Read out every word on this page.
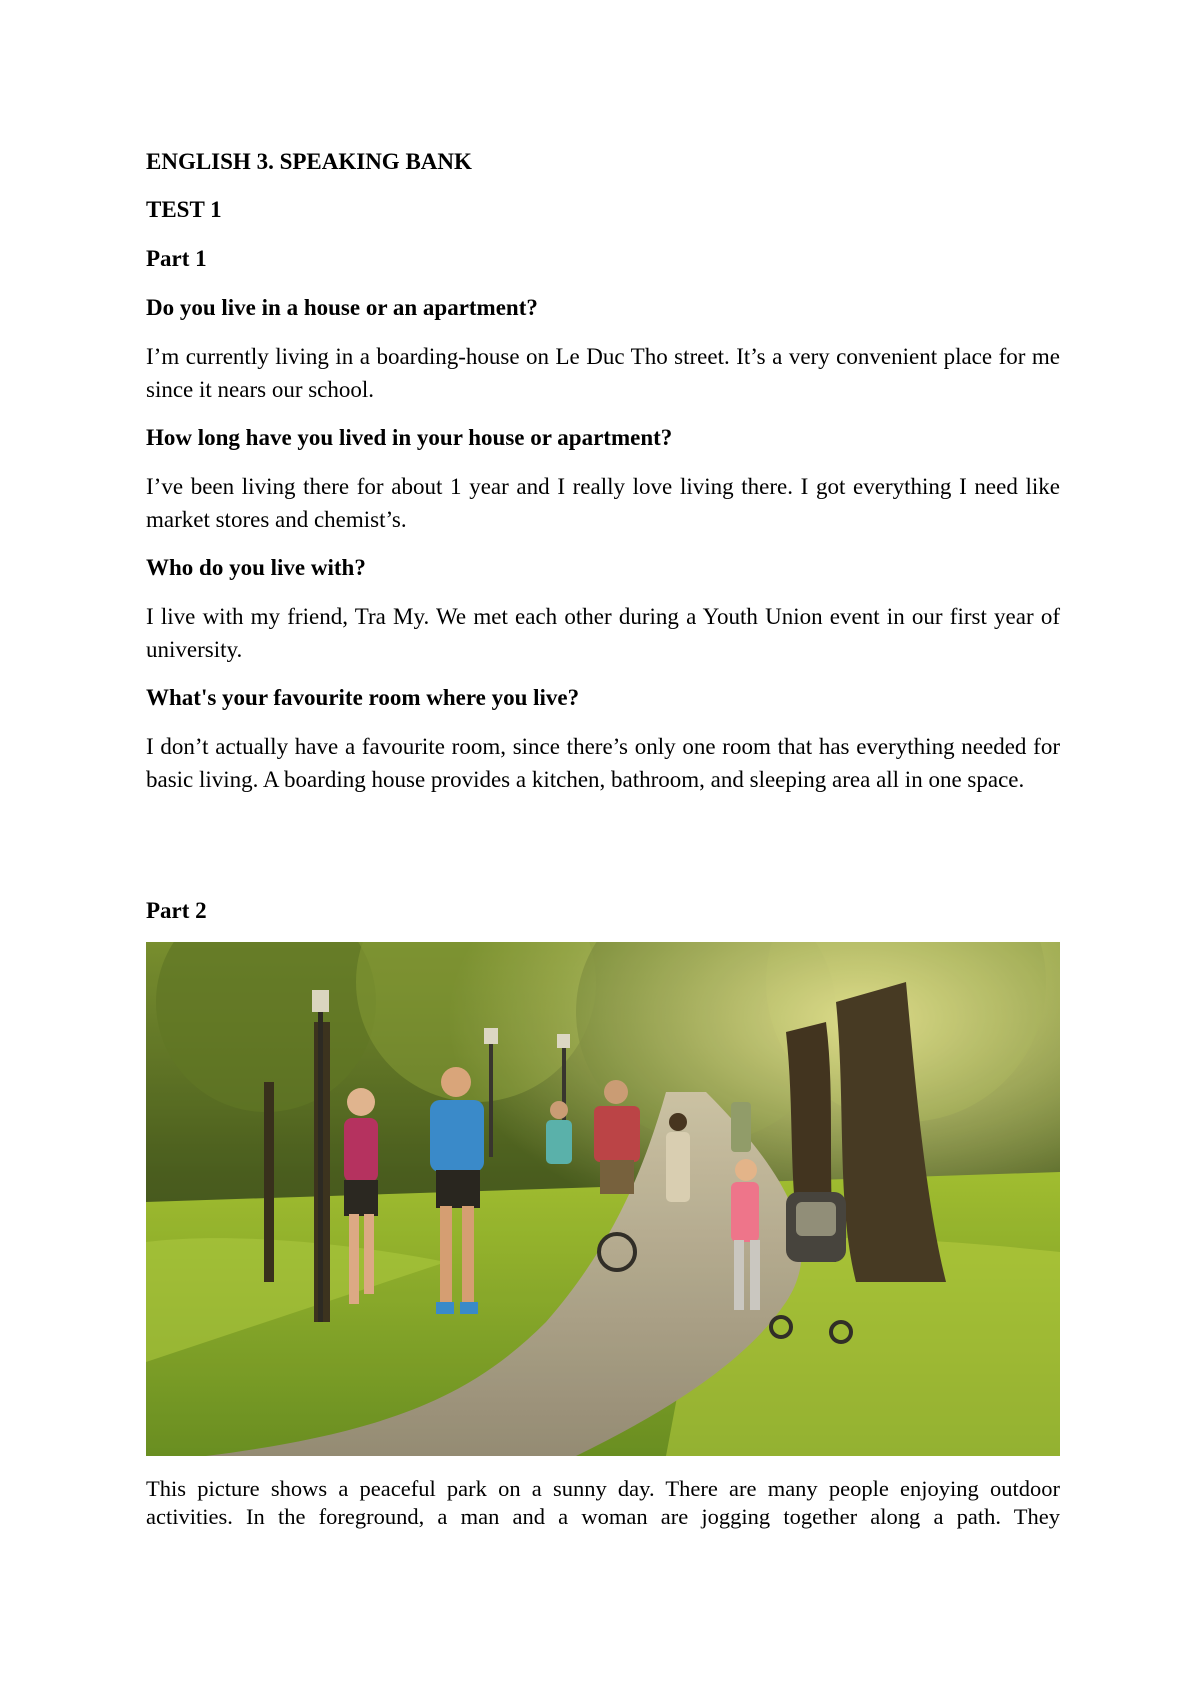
ENGLISH 3. SPEAKING BANK

TEST 1

Part 1

Do you live in a house or an apartment?

I’m currently living in a boarding-house on Le Duc Tho street. It’s a very convenient place for me since it nears our school.

How long have you lived in your house or apartment?

I’ve been living there for about 1 year and I really love living there. I got everything I need like market stores and chemist’s.

Who do you live with?

I live with my friend, Tra My. We met each other during a Youth Union event in our first year of university.

What's your favourite room where you live?

I don’t actually have a favourite room, since there’s only one room that has everything needed for basic living. A boarding house provides a kitchen, bathroom, and sleeping area all in one space.

Part 2

This picture shows a peaceful park on a sunny day. There are many people enjoying outdoor activities. In the foreground, a man and a woman are jogging together along a path. They
